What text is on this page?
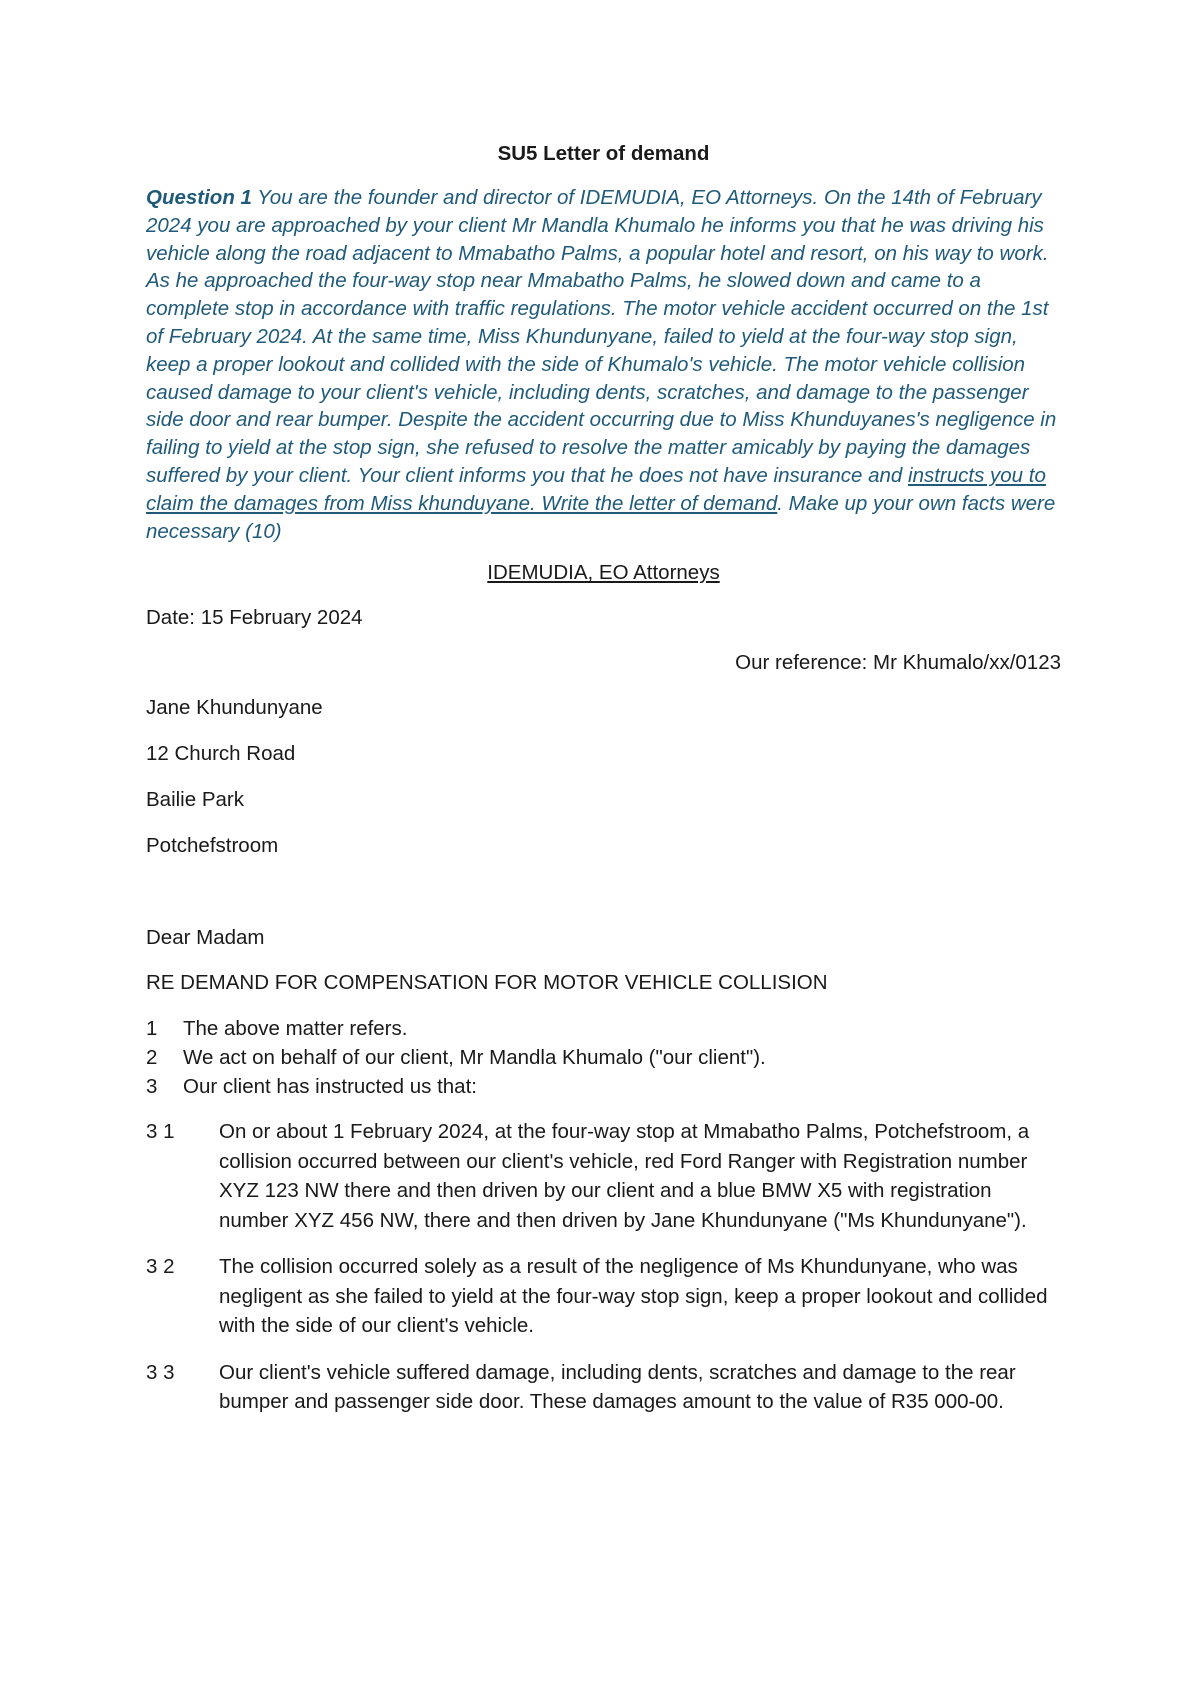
SU5 Letter of demand
Question 1 You are the founder and director of IDEMUDIA, EO Attorneys. On the 14th of February 2024 you are approached by your client Mr Mandla Khumalo he informs you that he was driving his vehicle along the road adjacent to Mmabatho Palms, a popular hotel and resort, on his way to work. As he approached the four-way stop near Mmabatho Palms, he slowed down and came to a complete stop in accordance with traffic regulations. The motor vehicle accident occurred on the 1st of February 2024. At the same time, Miss Khundunyane, failed to yield at the four-way stop sign, keep a proper lookout and collided with the side of Khumalo's vehicle. The motor vehicle collision caused damage to your client's vehicle, including dents, scratches, and damage to the passenger side door and rear bumper. Despite the accident occurring due to Miss Khunduyanes's negligence in failing to yield at the stop sign, she refused to resolve the matter amicably by paying the damages suffered by your client. Your client informs you that he does not have insurance and instructs you to claim the damages from Miss khunduyane. Write the letter of demand. Make up your own facts were necessary (10)
IDEMUDIA, EO Attorneys
Date: 15 February 2024
Our reference: Mr Khumalo/xx/0123
Jane Khundunyane
12 Church Road
Bailie Park
Potchefstroom
Dear Madam
RE DEMAND FOR COMPENSATION FOR MOTOR VEHICLE COLLISION
1	The above matter refers.
2	We act on behalf of our client, Mr Mandla Khumalo ("our client").
3	Our client has instructed us that:
3 1	On or about 1 February 2024, at the four-way stop at Mmabatho Palms, Potchefstroom, a collision occurred between our client's vehicle, red Ford Ranger with Registration number XYZ 123 NW there and then driven by our client and a blue BMW X5 with registration number XYZ 456 NW, there and then driven by Jane Khundunyane ("Ms Khundunyane").
3 2	The collision occurred solely as a result of the negligence of Ms Khundunyane, who was negligent as she failed to yield at the four-way stop sign, keep a proper lookout and collided with the side of our client's vehicle.
3 3	Our client's vehicle suffered damage, including dents, scratches and damage to the rear bumper and passenger side door. These damages amount to the value of R35 000-00.
